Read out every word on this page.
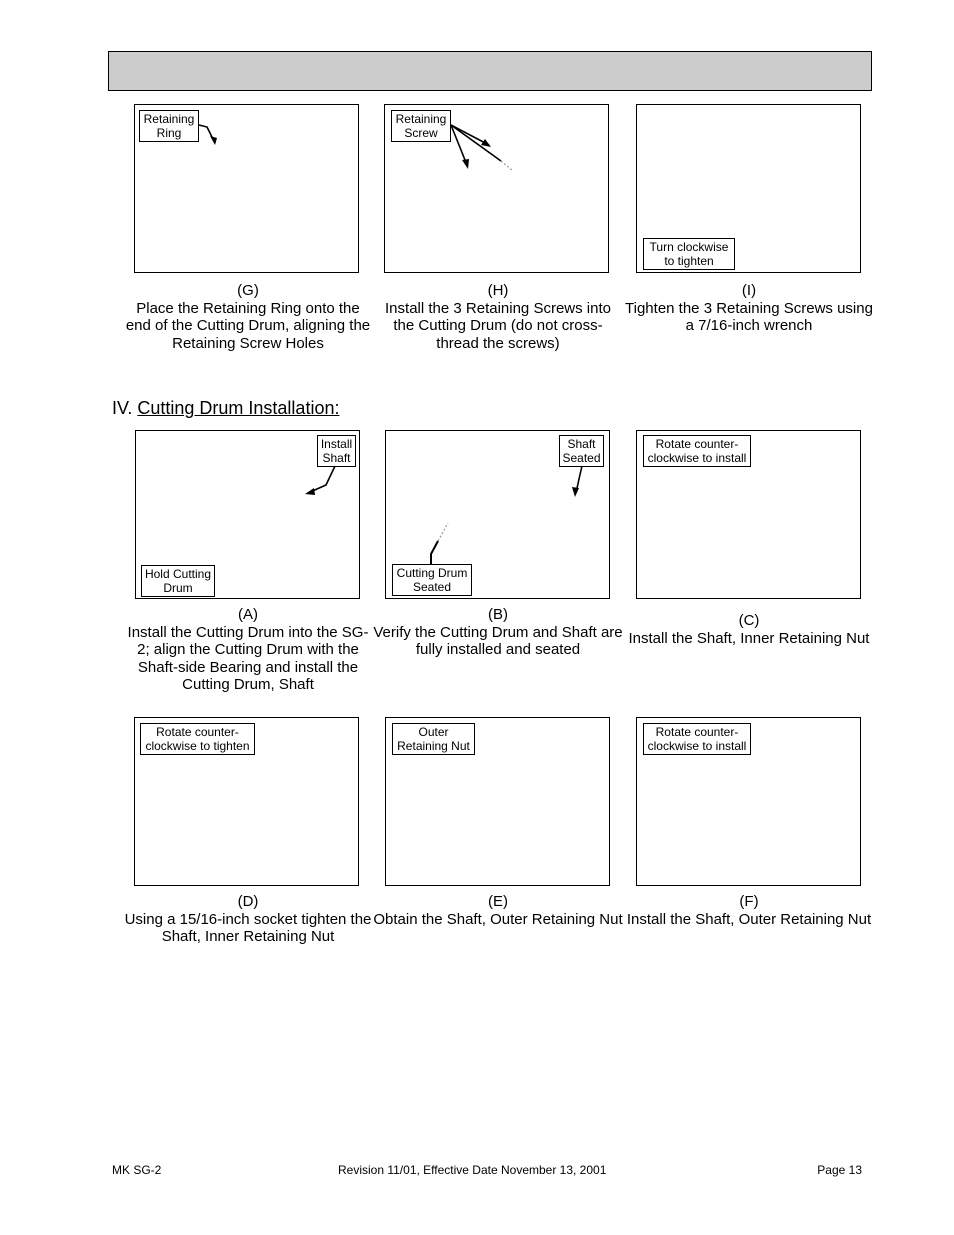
Retaining Ring
Retaining Screw
Turn clockwise to tighten
(G)
Place the Retaining Ring onto the end of the Cutting Drum, aligning the Retaining Screw Holes
(H)
Install the 3 Retaining Screws into the Cutting Drum (do not cross-thread the screws)
(I)
Tighten the 3 Retaining Screws using a 7/16-inch wrench
IV. Cutting Drum Installation:
Install Shaft
Hold Cutting Drum
Shaft Seated
Cutting Drum Seated
Rotate counter-clockwise to install
(A)
Install the Cutting Drum into the SG-2; align the Cutting Drum with the Shaft-side Bearing and install the Cutting Drum, Shaft
(B)
Verify the Cutting Drum and Shaft are fully installed and seated
(C)
Install the Shaft, Inner Retaining Nut
Rotate counter-clockwise to tighten
Outer Retaining Nut
Rotate counter-clockwise to install
(D)
Using a 15/16-inch socket tighten the Shaft, Inner Retaining Nut
(E)
Obtain the Shaft, Outer Retaining Nut
(F)
Install the Shaft, Outer Retaining Nut
MK SG-2	Revision 11/01, Effective Date November 13, 2001	Page 13
